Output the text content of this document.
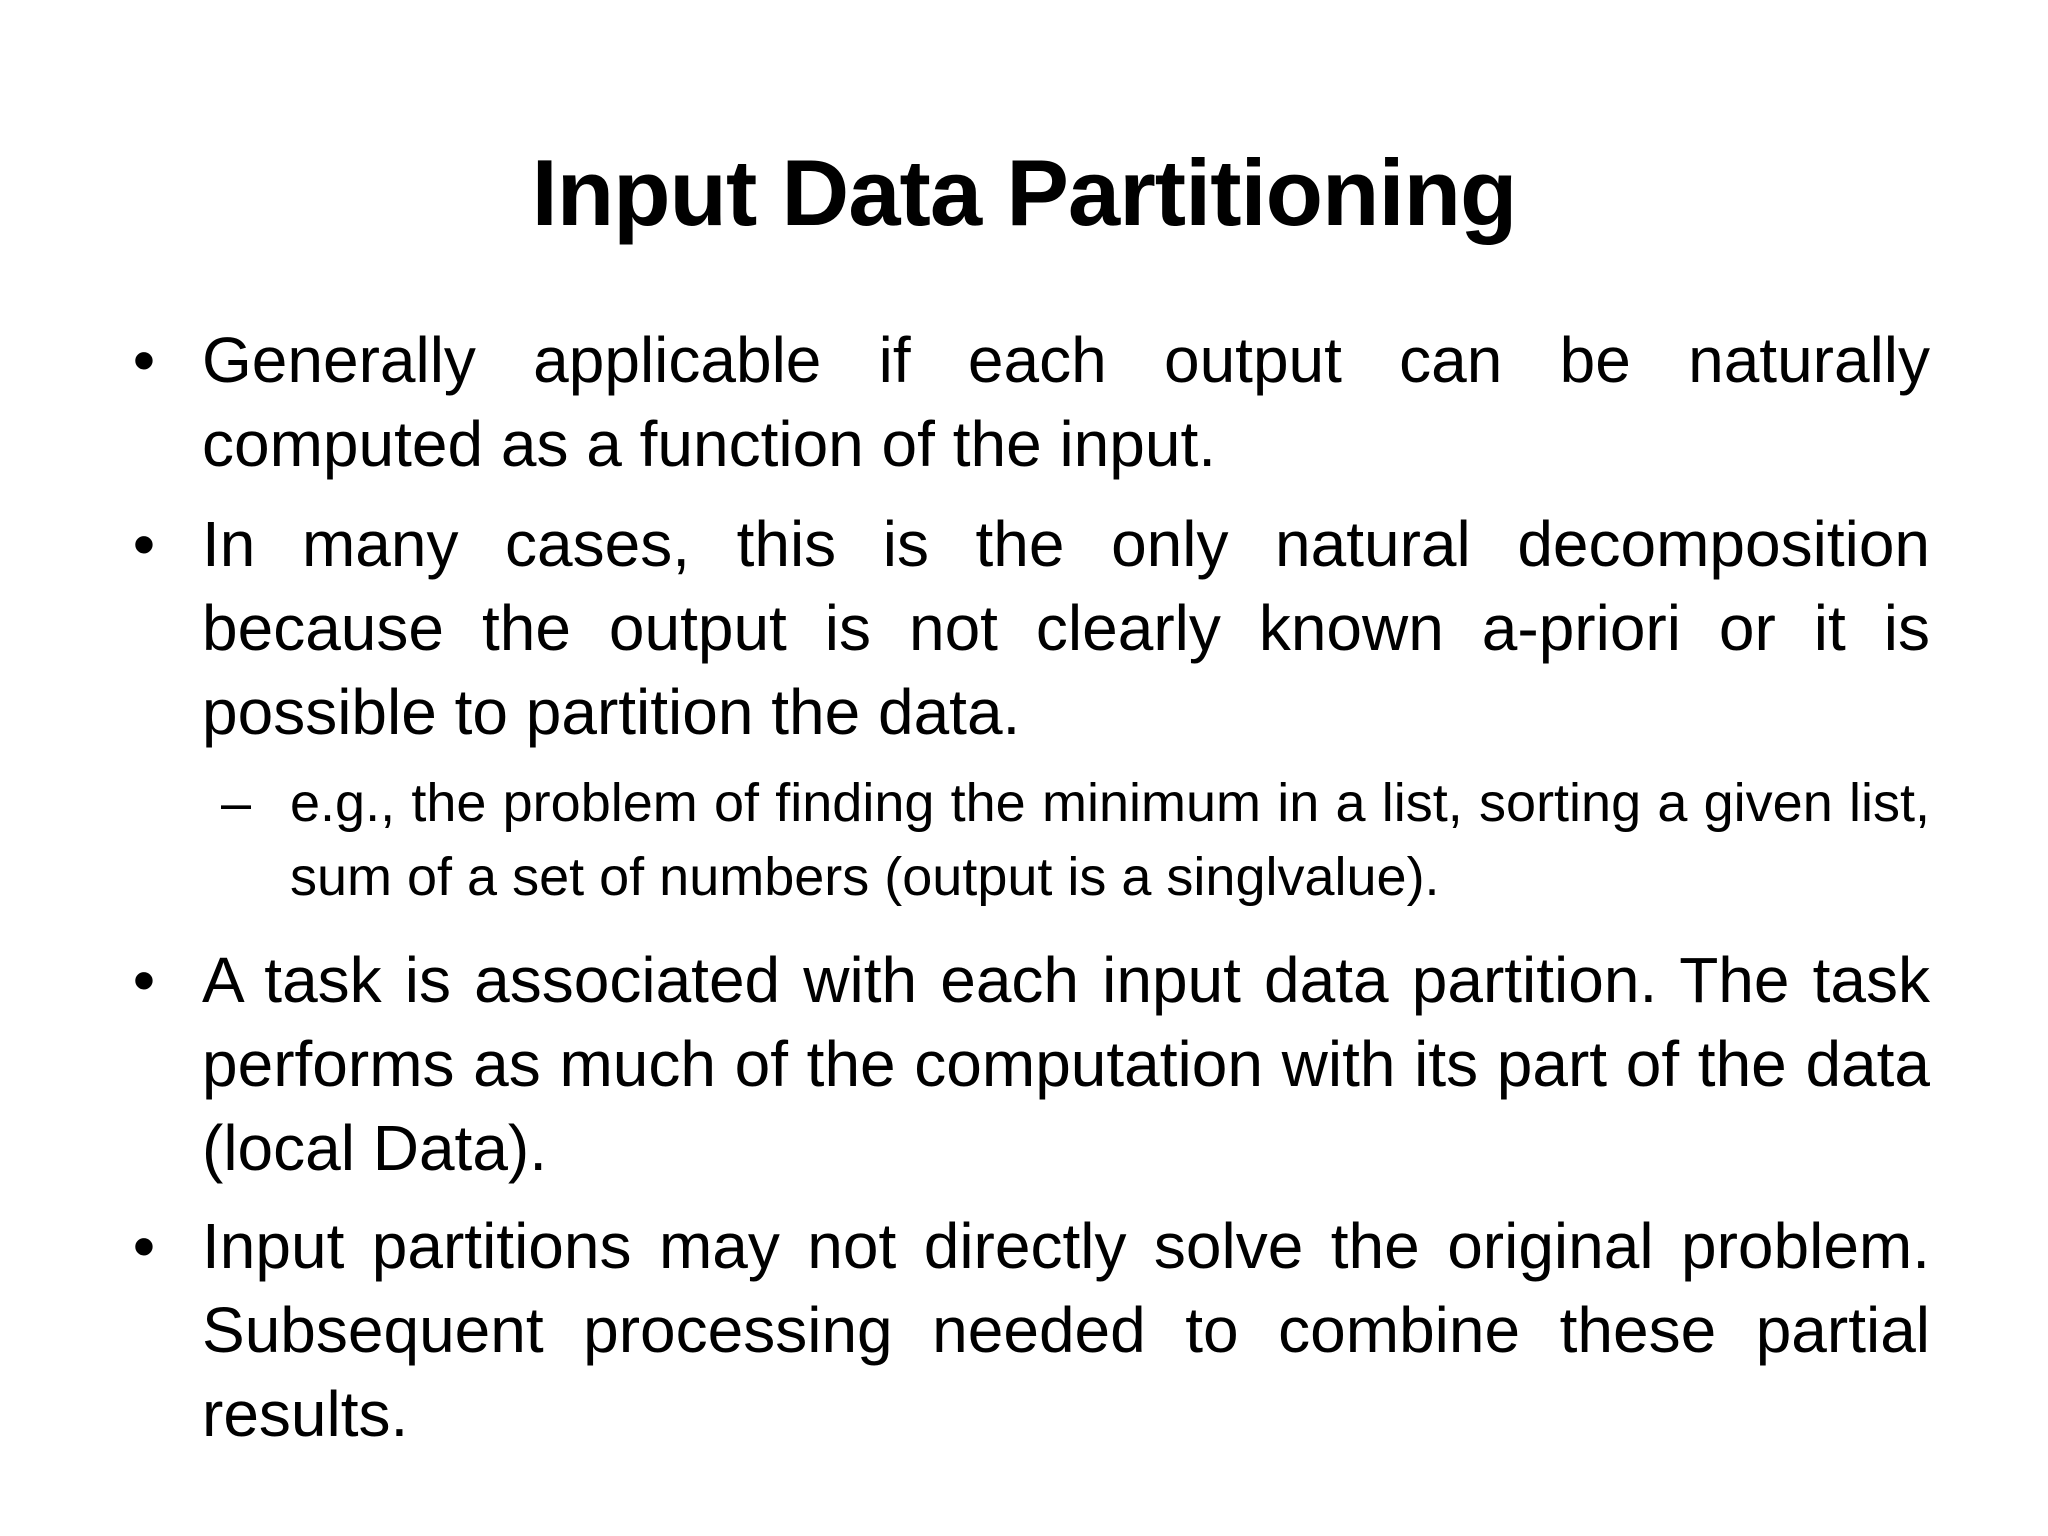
Input Data Partitioning
• Generally applicable if each output can be naturally computed as a function of the input.
• In many cases, this is the only natural decomposition because the output is not clearly known a-priori or it is possible to partition the data.
– e.g., the problem of finding the minimum in a list, sorting a given list, sum of a set of numbers (output is a singlvalue).
• A task is associated with each input data partition. The task performs as much of the computation with its part of the data (local Data).
• Input partitions may not directly solve the original problem. Subsequent processing needed to combine these partial results.
